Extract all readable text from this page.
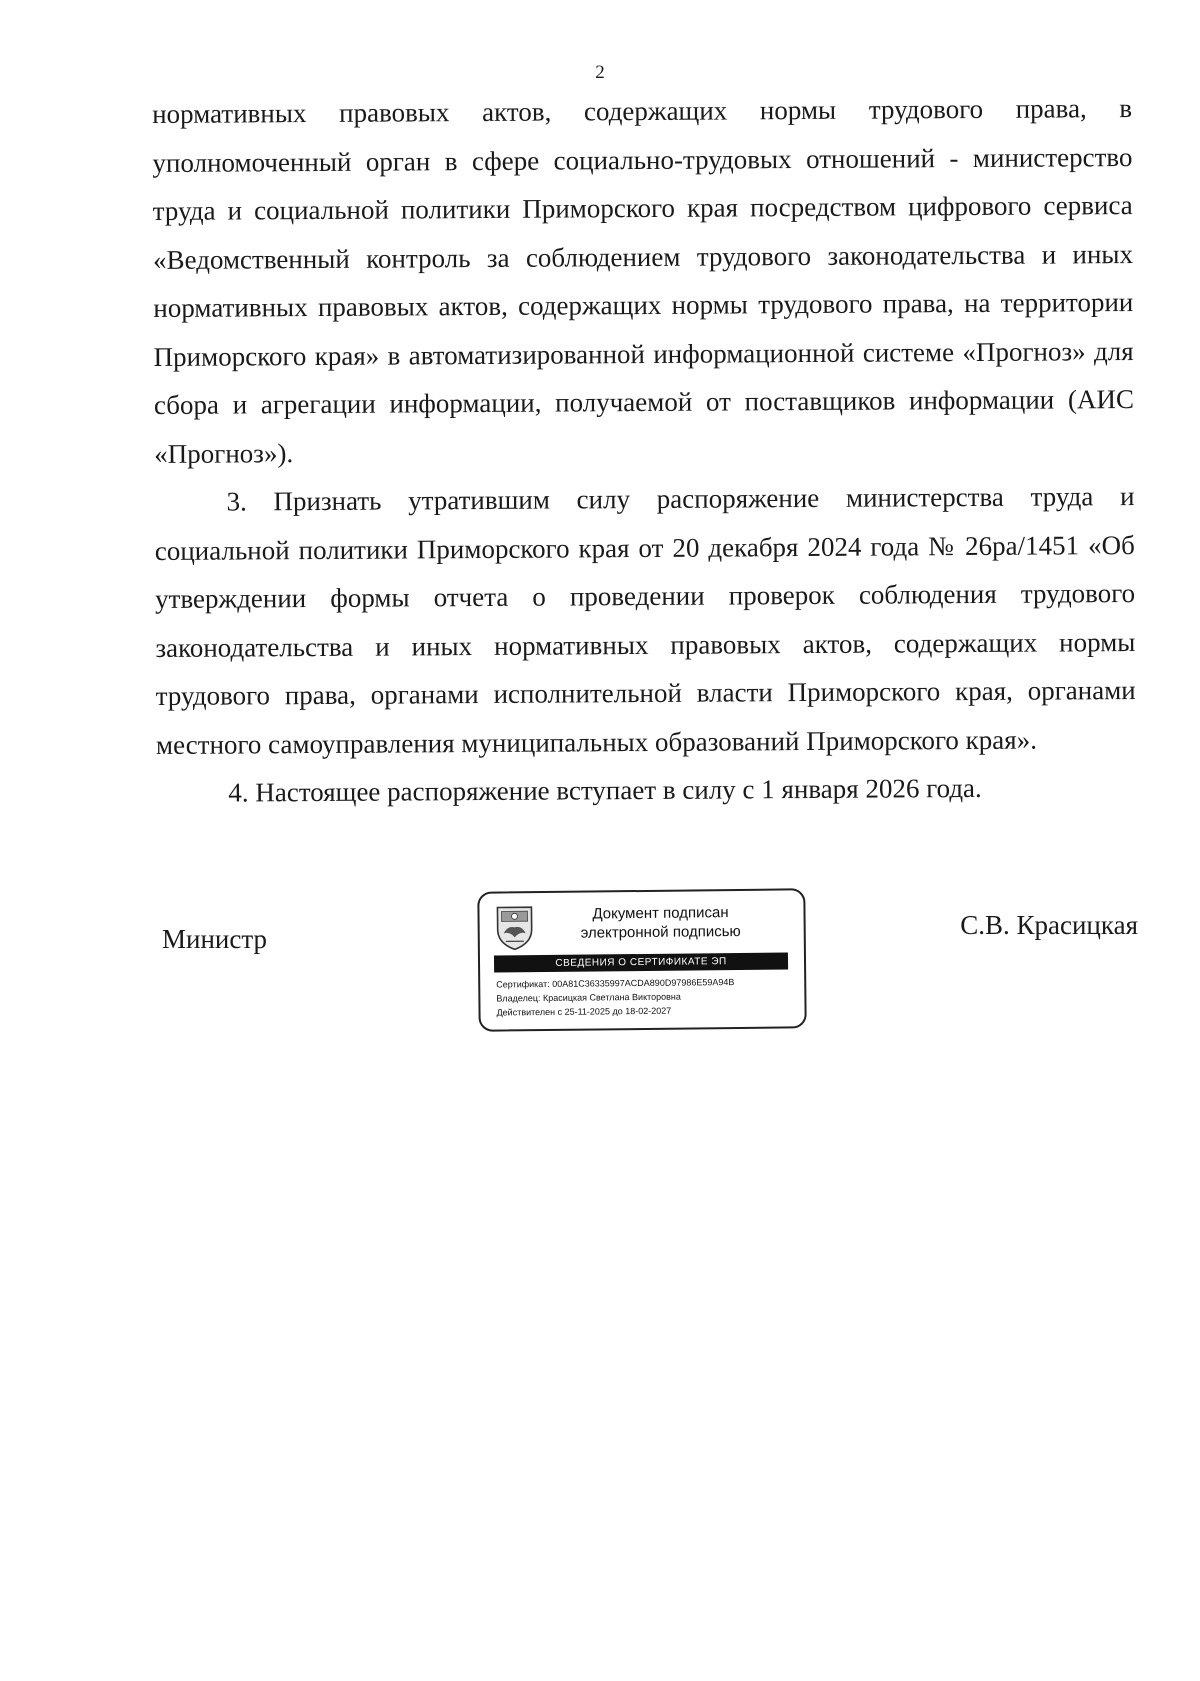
2

нормативных правовых актов, содержащих нормы трудового права, в уполномоченный орган в сфере социально-трудовых отношений - министерство труда и социальной политики Приморского края посредством цифрового сервиса «Ведомственный контроль за соблюдением трудового законодательства и иных нормативных правовых актов, содержащих нормы трудового права, на территории Приморского края» в автоматизированной информационной системе «Прогноз» для сбора и агрегации информации, получаемой от поставщиков информации (АИС «Прогноз»).

3. Признать утратившим силу распоряжение министерства труда и социальной политики Приморского края от 20 декабря 2024 года № 26ра/1451 «Об утверждении формы отчета о проведении проверок соблюдения трудового законодательства и иных нормативных правовых актов, содержащих нормы трудового права, органами исполнительной власти Приморского края, органами местного самоуправления муниципальных образований Приморского края».

4. Настоящее распоряжение вступает в силу с 1 января 2026 года.

Министр
Документ подписан
электронной подписью
СВЕДЕНИЯ О СЕРТИФИКАТЕ ЭП
Сертификат: 00A81C36335997ACDA890D97986E59A94B
Владелец: Красицкая Светлана Викторовна
Действителен с 25-11-2025 до 18-02-2027
С.В. Красицкая
